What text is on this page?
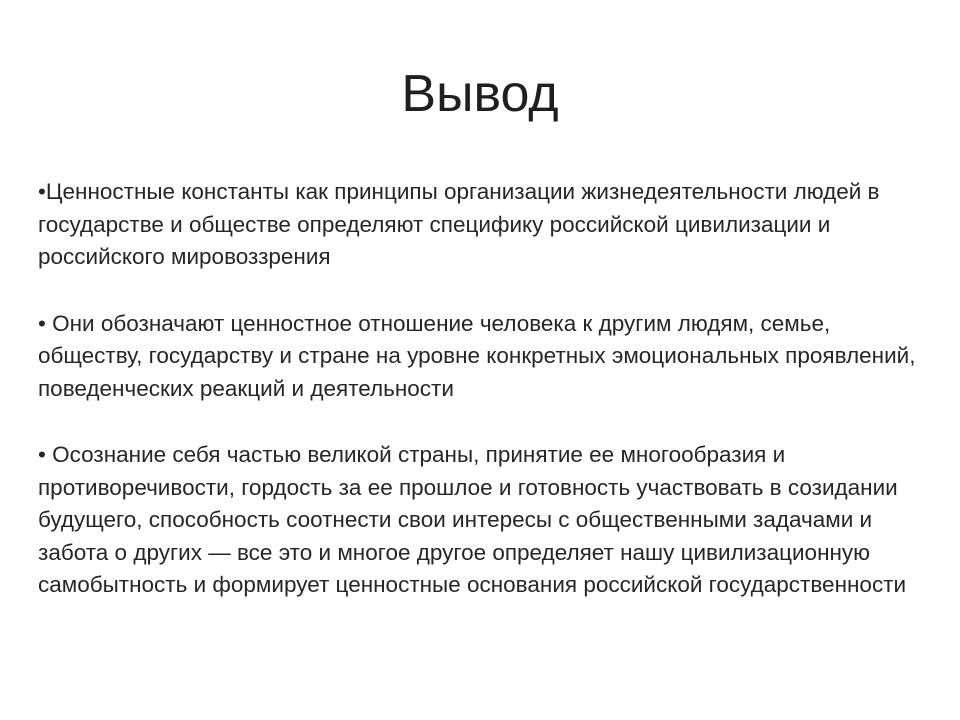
Вывод

•Ценностные константы как принципы организации жизнедеятельности людей в государстве и обществе определяют специфику российской цивилизации и российского мировоззрения

• Они обозначают ценностное отношение человека к другим людям, семье, обществу, государству и стране на уровне конкретных эмоциональных проявлений, поведенческих реакций и деятельности

• Осознание себя частью великой страны, принятие ее многообразия и противоречивости, гордость за ее прошлое и готовность участвовать в созидании будущего, способность соотнести свои интересы с общественными задачами и забота о других — все это и многое другое определяет нашу цивилизационную самобытность и формирует ценностные основания российской государственности
